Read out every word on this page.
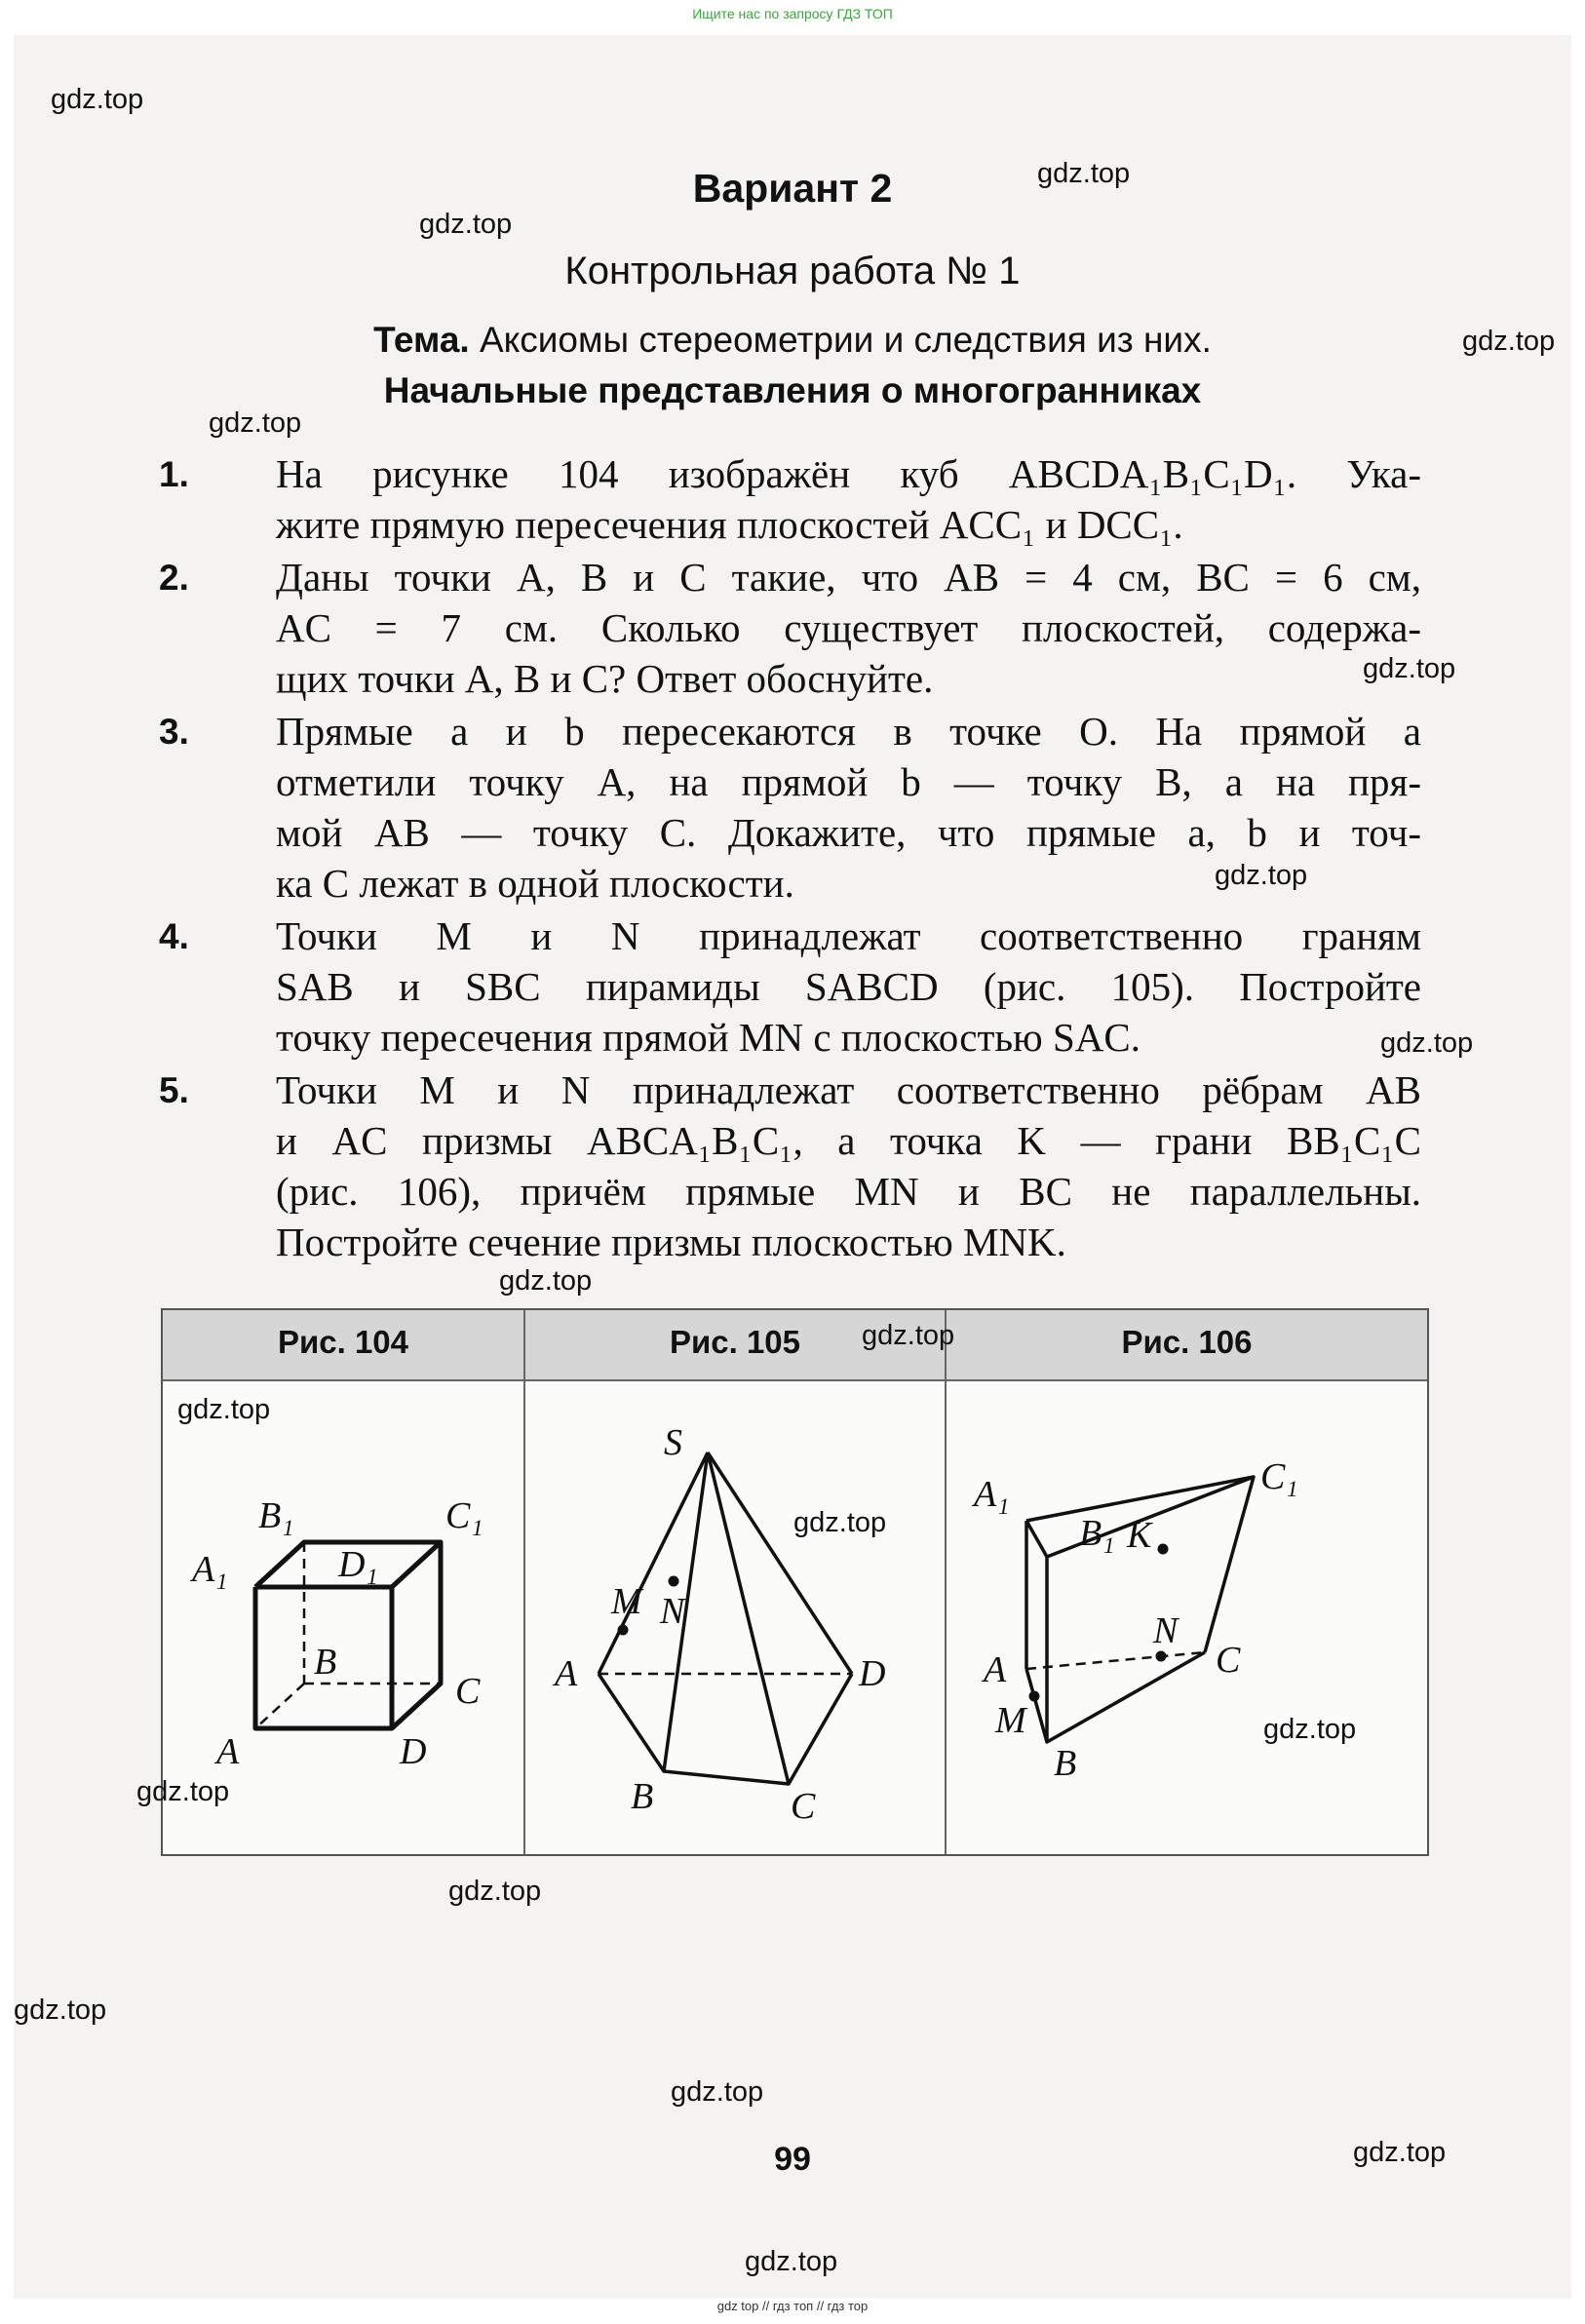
Ищите нас по запросу ГДЗ ТОП
Вариант 2
Контрольная работа № 1
Тема. Аксиомы стереометрии и следствия из них.
Начальные представления о многогранниках
1. На рисунке 104 изображён куб ABCDA₁B₁C₁D₁. Ука-
жите прямую пересечения плоскостей ACC₁ и DCC₁.
2. Даны точки A, B и C такие, что AB = 4 см, BC = 6 см,
AC = 7 см. Сколько существует плоскостей, содержа-
щих точки A, B и C? Ответ обоснуйте.
3. Прямые a и b пересекаются в точке O. На прямой a
отметили точку A, на прямой b — точку B, а на пря-
мой AB — точку C. Докажите, что прямые a, b и точ-
ка C лежат в одной плоскости.
4. Точки M и N принадлежат соответственно граням
SAB и SBC пирамиды SABCD (рис. 105). Постройте
точку пересечения прямой MN с плоскостью SAC.
5. Точки M и N принадлежат соответственно рёбрам AB
и AC призмы ABCA₁B₁C₁, а точка K — грани BB₁C₁C
(рис. 106), причём прямые MN и BC не параллельны.
Постройте сечение призмы плоскостью MNK.
Рис. 104	Рис. 105	Рис. 106
B₁	C₁
A₁	D₁
B
C
A	D
S
M N
A	D
B	C
A₁	C₁
B₁ K
N
A	C
M
B
99
gdz.top
gdz.top
gdz.top
gdz.top
gdz.top
gdz.top
gdz.top
gdz.top
gdz.top
gdz.top
gdz.top
gdz.top
gdz.top
gdz.top
gdz.top
gdz.top
gdz.top
gdz.top
gdz.top
gdz top // гдз топ // гдз тор
